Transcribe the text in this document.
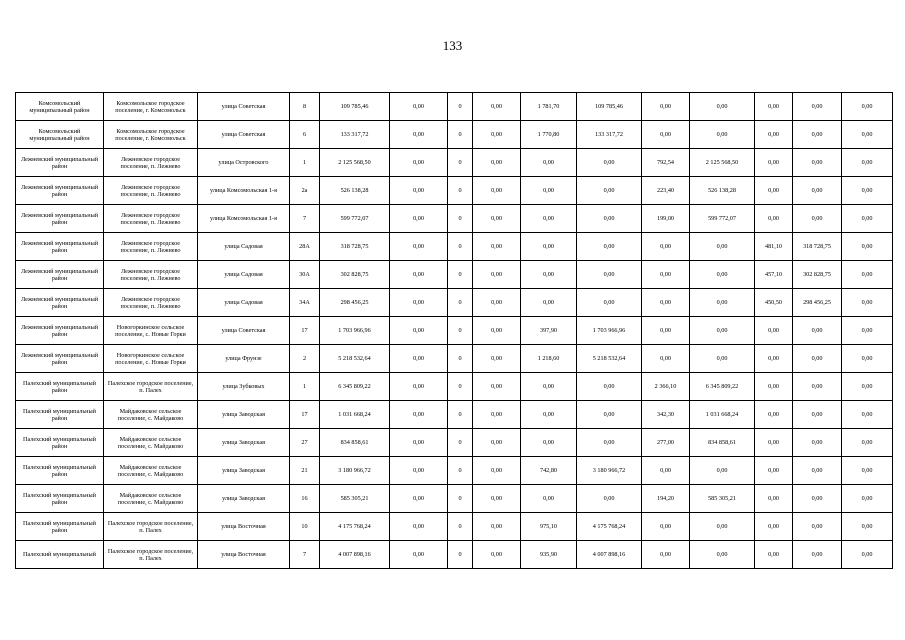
133
Комсомольский муниципальный район	Комсомольское городское поселение, г. Комсомольск	улица Советская	8	109 785,46	0,00	0	0,00	1 781,70	109 785,46	0,00	0,00	0,00	0,00	0,00
Комсомольский муниципальный район	Комсомольское городское поселение, г. Комсомольск	улица Советская	6	133 317,72	0,00	0	0,00	1 770,80	133 317,72	0,00	0,00	0,00	0,00	0,00
Лежневский муниципальный район	Лежневское городское поселение, п. Лежнево	улица Островского	1	2 125 568,50	0,00	0	0,00	0,00	0,00	792,54	2 125 568,50	0,00	0,00	0,00
Лежневский муниципальный район	Лежневское городское поселение, п. Лежнево	улица Комсомольская 1-я	2а	526 138,28	0,00	0	0,00	0,00	0,00	223,40	526 138,28	0,00	0,00	0,00
Лежневский муниципальный район	Лежневское городское поселение, п. Лежнево	улица Комсомольская 1-я	7	599 772,07	0,00	0	0,00	0,00	0,00	199,00	599 772,07	0,00	0,00	0,00
Лежневский муниципальный район	Лежневское городское поселение, п. Лежнево	улица Садовая	28А	318 728,75	0,00	0	0,00	0,00	0,00	0,00	0,00	481,10	318 728,75	0,00
Лежневский муниципальный район	Лежневское городское поселение, п. Лежнево	улица Садовая	30А	302 828,75	0,00	0	0,00	0,00	0,00	0,00	0,00	457,10	302 828,75	0,00
Лежневский муниципальный район	Лежневское городское поселение, п. Лежнево	улица Садовая	34А	298 456,25	0,00	0	0,00	0,00	0,00	0,00	0,00	450,50	298 456,25	0,00
Лежневский муниципальный район	Новогоркинское сельское поселение, с. Новые Горки	улица Советская	17	1 703 966,96	0,00	0	0,00	397,90	1 703 966,96	0,00	0,00	0,00	0,00	0,00
Лежневский муниципальный район	Новогоркинское сельское поселение, с. Новые Горки	улица Фрунзе	2	5 218 532,64	0,00	0	0,00	1 218,60	5 218 532,64	0,00	0,00	0,00	0,00	0,00
Палехский муниципальный район	Палехское городское поселение, п. Палех	улица Зубковых	1	6 345 809,22	0,00	0	0,00	0,00	0,00	2 366,10	6 345 809,22	0,00	0,00	0,00
Палехский муниципальный район	Майдаковское сельское поселение, с. Майдаково	улица Заводская	17	1 031 668,24	0,00	0	0,00	0,00	0,00	342,30	1 031 668,24	0,00	0,00	0,00
Палехский муниципальный район	Майдаковское сельское поселение, с. Майдаково	улица Заводская	27	834 858,61	0,00	0	0,00	0,00	0,00	277,00	834 858,61	0,00	0,00	0,00
Палехский муниципальный район	Майдаковское сельское поселение, с. Майдаково	улица Заводская	21	3 180 966,72	0,00	0	0,00	742,80	3 180 966,72	0,00	0,00	0,00	0,00	0,00
Палехский муниципальный район	Майдаковское сельское поселение, с. Майдаково	улица Заводская	16	585 305,21	0,00	0	0,00	0,00	0,00	194,20	585 305,21	0,00	0,00	0,00
Палехский муниципальный район	Палехское городское поселение, п. Палех	улица Восточная	10	4 175 768,24	0,00	0	0,00	975,10	4 175 768,24	0,00	0,00	0,00	0,00	0,00
Палехский муниципальный	Палехское городское поселение, п. Палех	улица Восточная	7	4 007 898,16	0,00	0	0,00	935,90	4 007 898,16	0,00	0,00	0,00	0,00	0,00
